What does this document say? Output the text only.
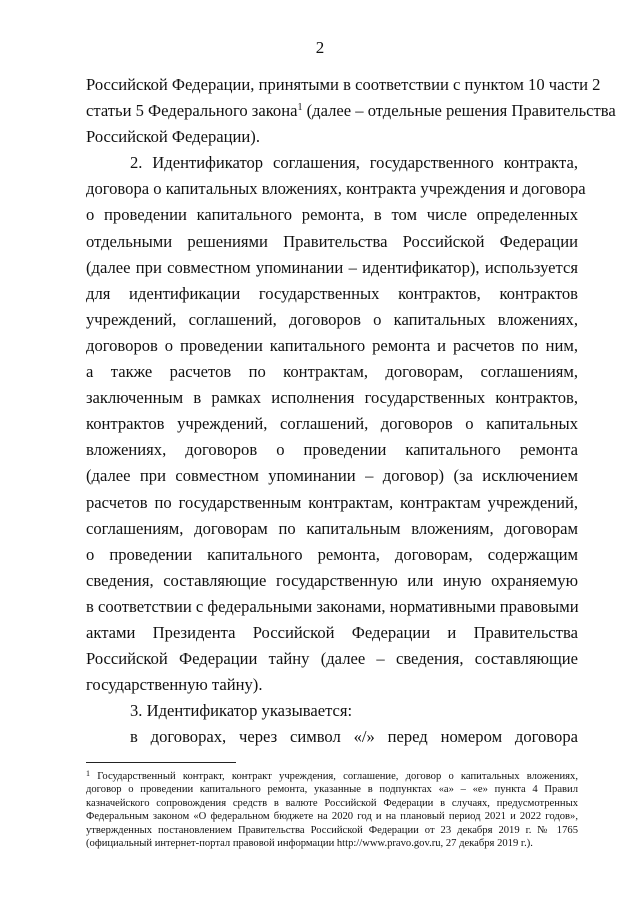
2
Российской Федерации, принятыми в соответствии с пунктом 10 части 2
статьи 5 Федерального закона$^1$ (далее – отдельные решения Правительства
Российской Федерации).
2. Идентификатор соглашения, государственного контракта,
договора о капитальных вложениях, контракта учреждения и договора
о проведении капитального ремонта, в том числе определенных
отдельными решениями Правительства Российской Федерации
(далее при совместном упоминании – идентификатор), используется
для идентификации государственных контрактов, контрактов
учреждений, соглашений, договоров о капитальных вложениях,
договоров о проведении капитального ремонта и расчетов по ним,
а также расчетов по контрактам, договорам, соглашениям,
заключенным в рамках исполнения государственных контрактов,
контрактов учреждений, соглашений, договоров о капитальных
вложениях, договоров о проведении капитального ремонта
(далее при совместном упоминании – договор) (за исключением
расчетов по государственным контрактам, контрактам учреждений,
соглашениям, договорам по капитальным вложениям, договорам
о проведении капитального ремонта, договорам, содержащим
сведения, составляющие государственную или иную охраняемую
в соответствии с федеральными законами, нормативными правовыми
актами Президента Российской Федерации и Правительства
Российской Федерации тайну (далее – сведения, составляющие
государственную тайну).
3. Идентификатор указывается:
в договорах, через символ «/» перед номером договора
$^1$ Государственный контракт, контракт учреждения, соглашение, договор о капитальных вложениях,
договор о проведении капитального ремонта, указанные в подпунктах «а» – «е» пункта 4 Правил
казначейского сопровождения средств в валюте Российской Федерации в случаях, предусмотренных
Федеральным законом «О федеральном бюджете на 2020 год и на плановый период 2021 и 2022 годов»,
утвержденных постановлением Правительства Российской Федерации от 23 декабря 2019 г. № 1765
(официальный интернет-портал правовой информации http://www.pravo.gov.ru, 27 декабря 2019 г.).
